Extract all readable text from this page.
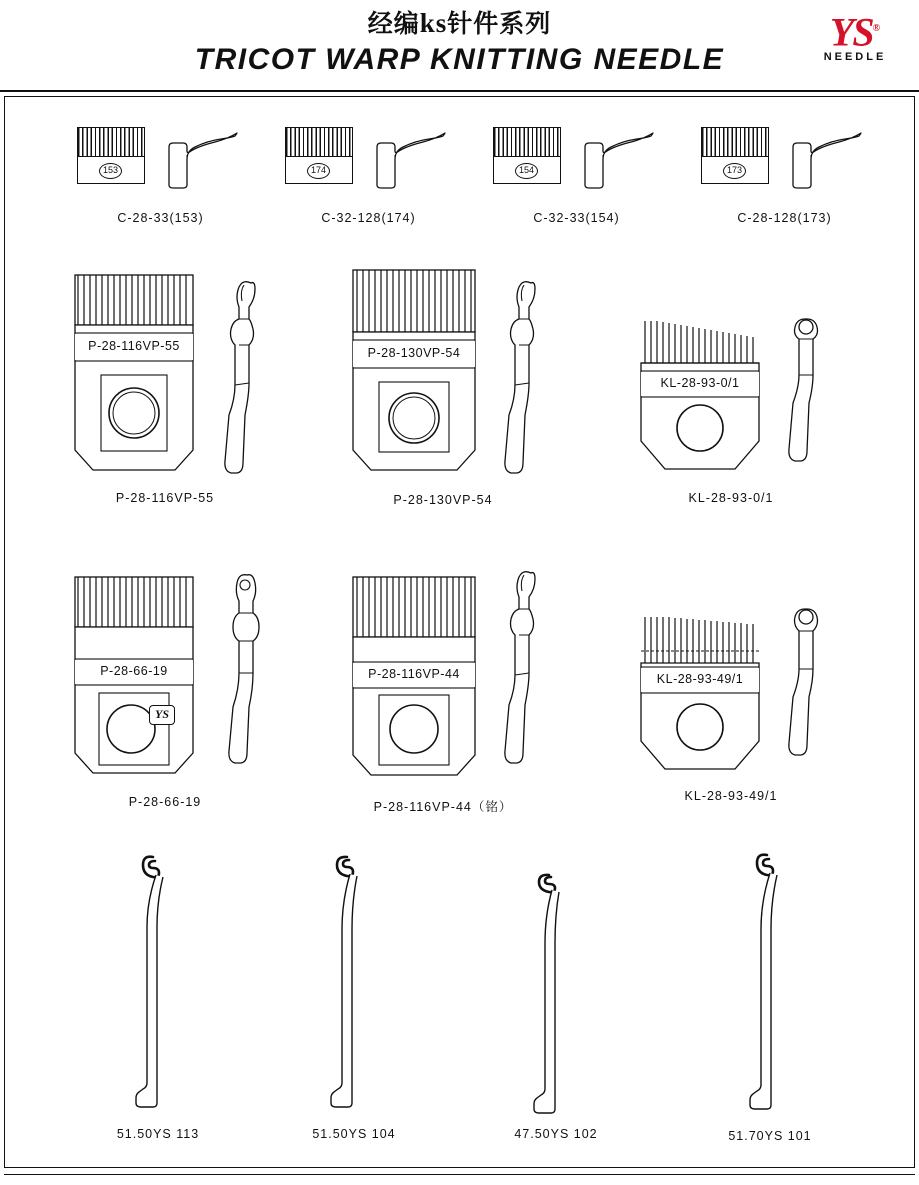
经编ks针件系列
TRICOT WARP KNITTING NEEDLE
YS®
NEEDLE
153
C-28-33(153)
174
C-32-128(174)
154
C-32-33(154)
173
C-28-128(173)
P-28-116VP-55
P-28-116VP-55
P-28-130VP-54
P-28-130VP-54
KL-28-93-0/1
KL-28-93-0/1
P-28-66-19
YS
P-28-66-19
P-28-116VP-44
P-28-116VP-44（铭）
KL-28-93-49/1
KL-28-93-49/1
51.50YS 113	51.50YS 104	47.50YS 102	51.70YS 101
